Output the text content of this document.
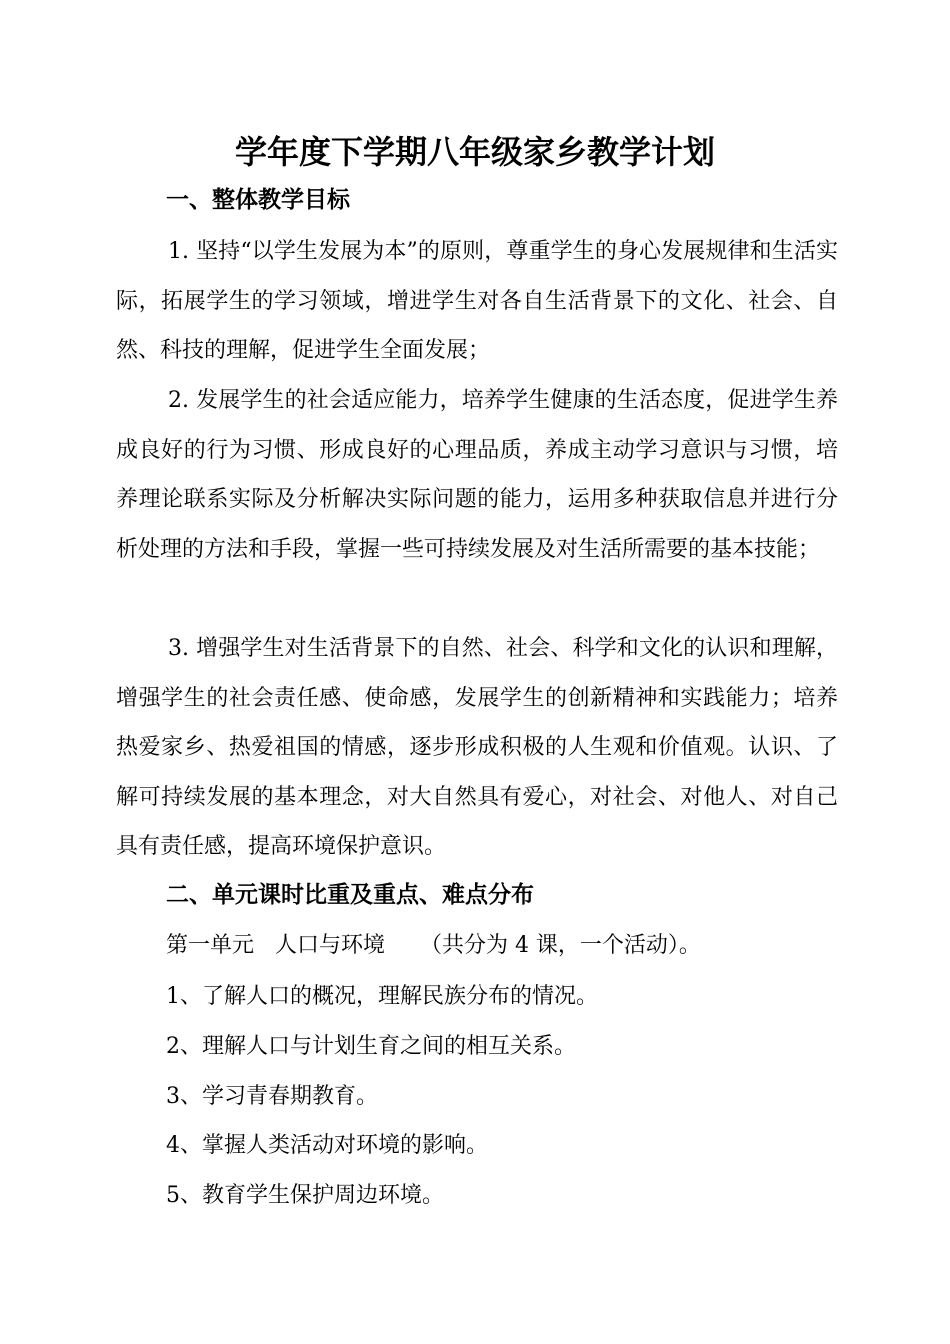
学年度下学期八年级家乡教学计划
一、整体教学目标
1. 坚持“以学生发展为本”的原则，尊重学生的身心发展规律和生活实际，拓展学生的学习领域，增进学生对各自生活背景下的文化、社会、自然、科技的理解，促进学生全面发展；
2. 发展学生的社会适应能力，培养学生健康的生活态度，促进学生养成良好的行为习惯、形成良好的心理品质，养成主动学习意识与习惯，培养理论联系实际及分析解决实际问题的能力，运用多种获取信息并进行分析处理的方法和手段，掌握一些可持续发展及对生活所需要的基本技能；
3. 增强学生对生活背景下的自然、社会、科学和文化的认识和理解，增强学生的社会责任感、使命感，发展学生的创新精神和实践能力；培养热爱家乡、热爱祖国的情感，逐步形成积极的人生观和价值观。认识、了解可持续发展的基本理念，对大自然具有爱心，对社会、对他人、对自己具有责任感，提高环境保护意识。
二、单元课时比重及重点、难点分布
第一单元   人口与环境     （共分为 4 课，一个活动）。
1、了解人口的概况，理解民族分布的情况。
2、理解人口与计划生育之间的相互关系。
3、学习青春期教育。
4、掌握人类活动对环境的影响。
5、教育学生保护周边环境。
